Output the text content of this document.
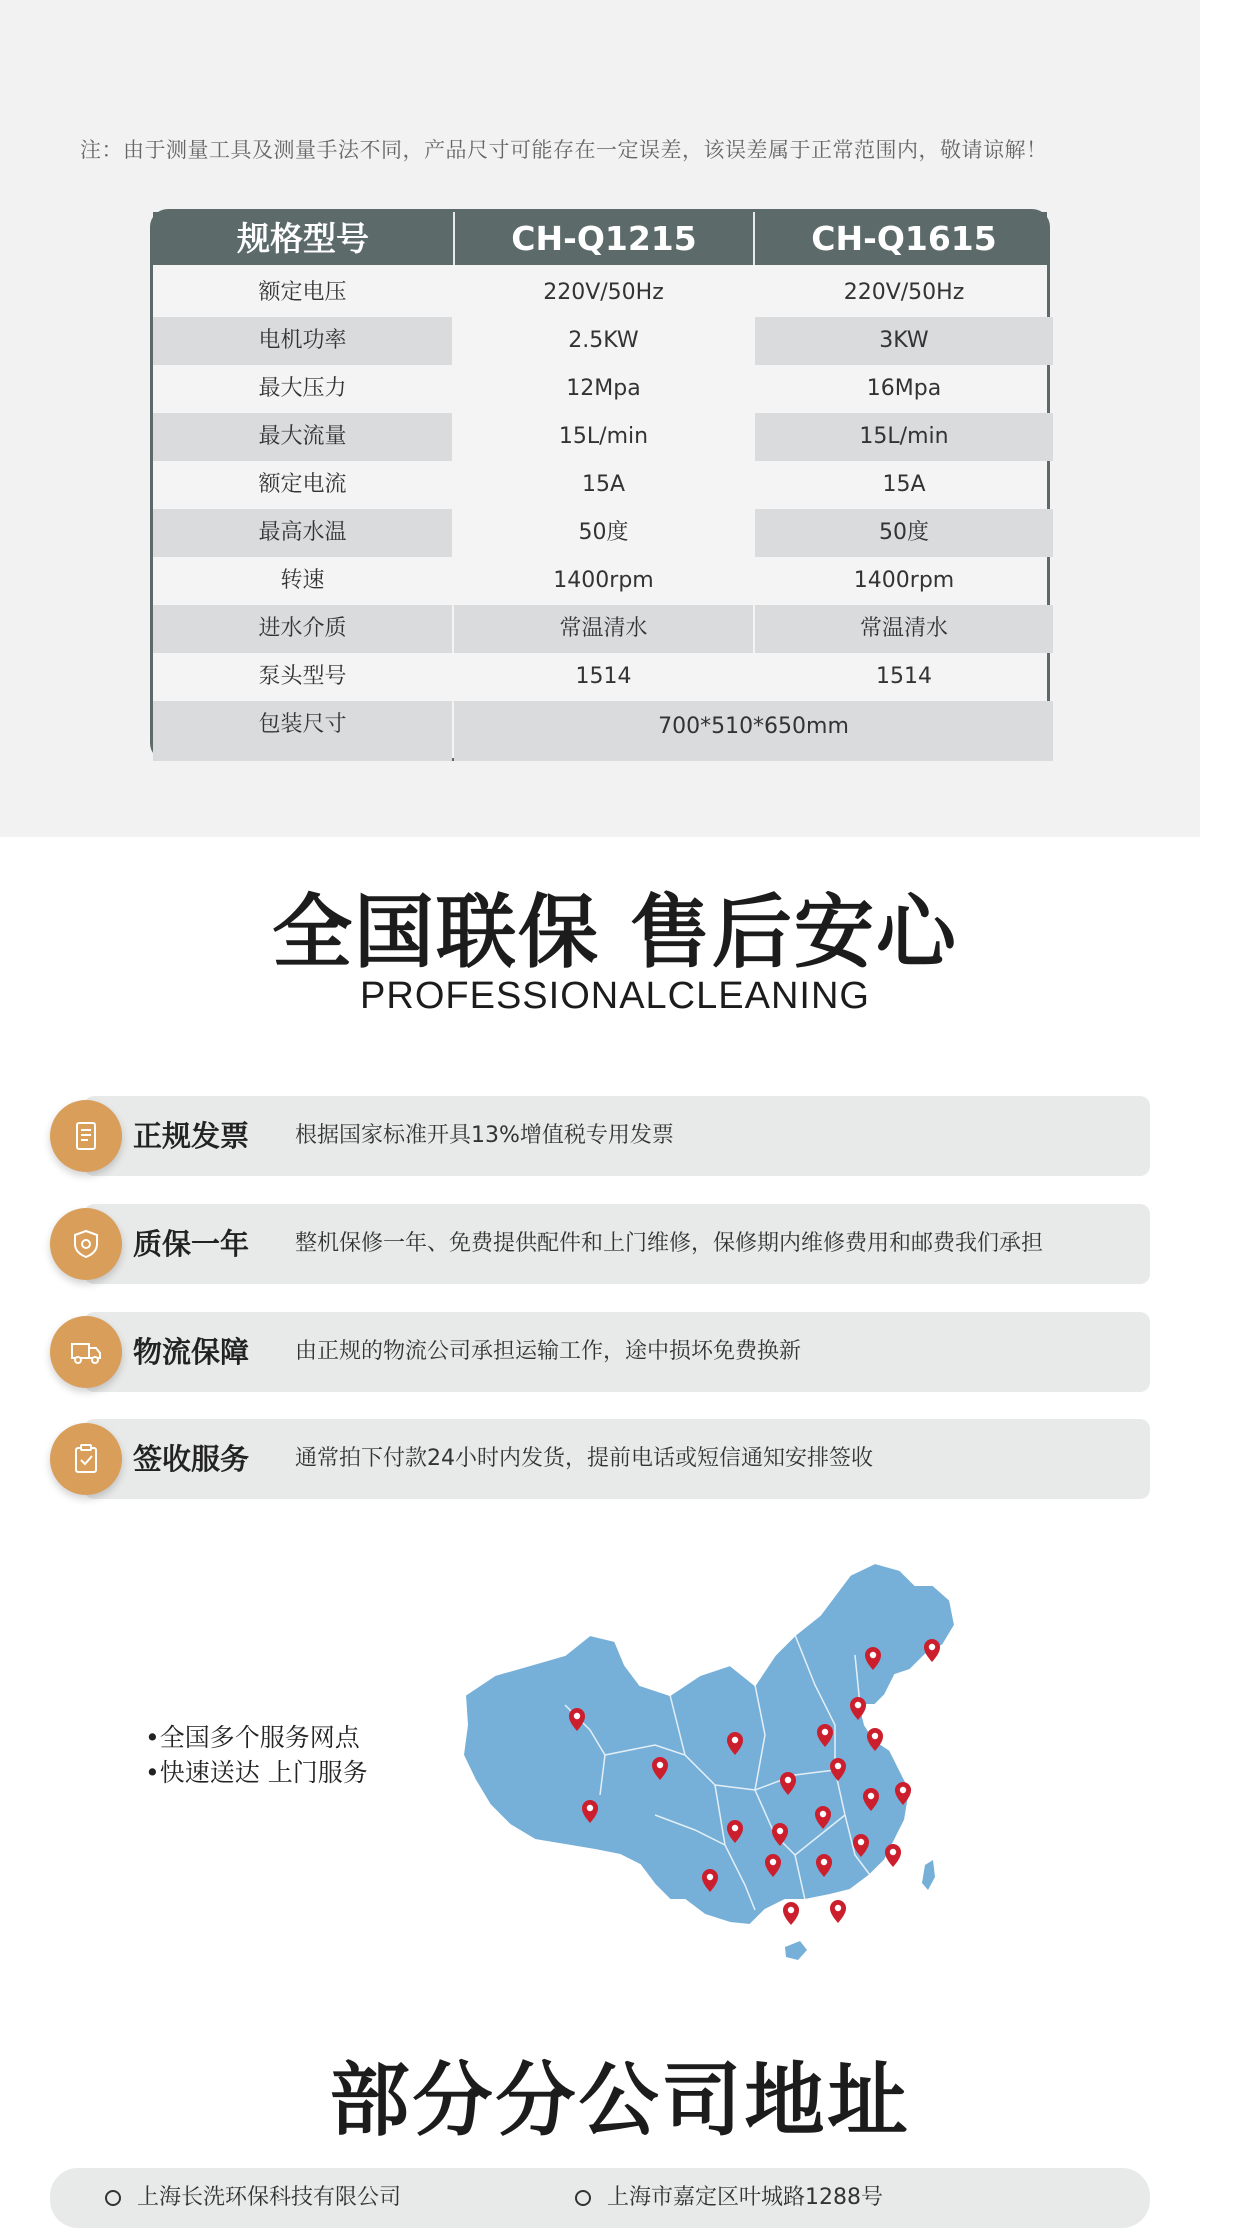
注：由于测量工具及测量手法不同，产品尺寸可能存在一定误差，该误差属于正常范围内，敬请谅解！
规格型号	CH-Q1215	CH-Q1615
额定电压	220V/50Hz	220V/50Hz
电机功率	2.5KW	3KW
最大压力	12Mpa	16Mpa
最大流量	15L/min	15L/min
额定电流	15A	15A
最高水温	50度	50度
转速	1400rpm	1400rpm
进水介质	常温清水	常温清水
泵头型号	1514	1514
包装尺寸	700*510*650mm
全国联保 售后安心
PROFESSIONALCLEANING
正规发票 根据国家标准开具13%增值税专用发票
质保一年 整机保修一年、免费提供配件和上门维修，保修期内维修费用和邮费我们承担
物流保障 由正规的物流公司承担运输工作，途中损坏免费换新
签收服务 通常拍下付款24小时内发货，提前电话或短信通知安排签收
•全国多个服务网点
•快速送达 上门服务
部分分公司地址
上海长洗环保科技有限公司	上海市嘉定区叶城路1288号
